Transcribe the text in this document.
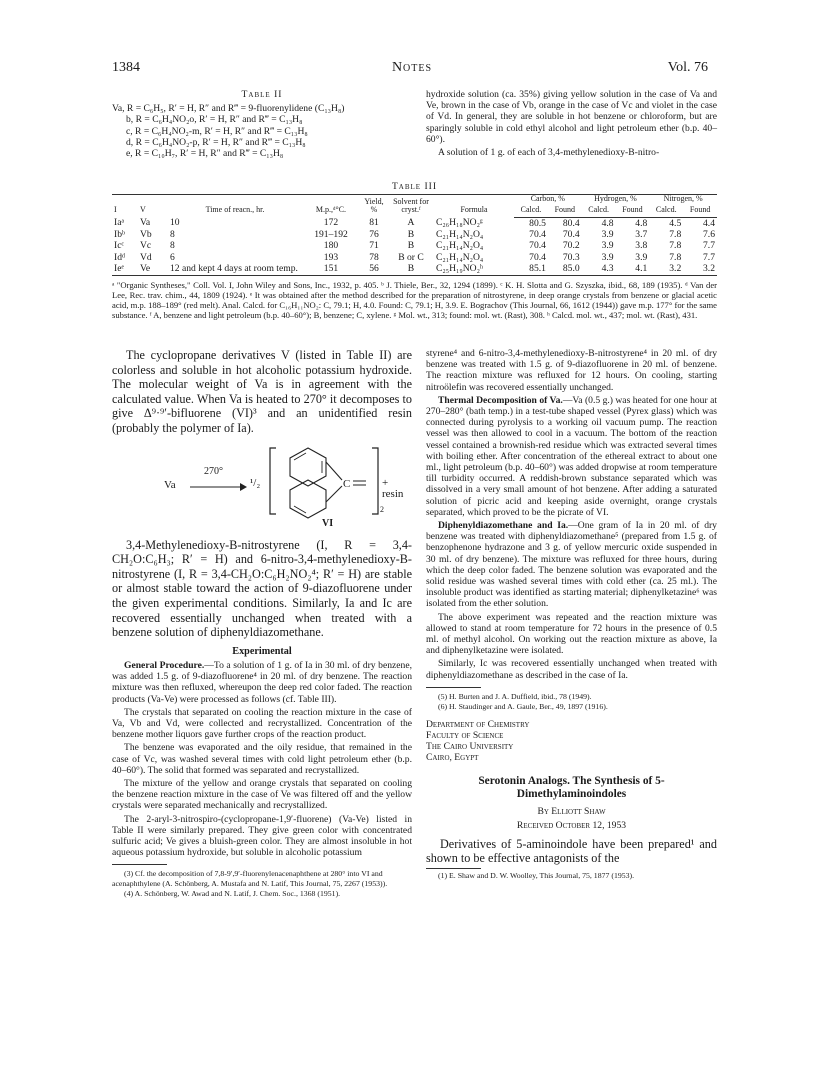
1384	Notes	Vol. 76
Table II
Va, R = C₆H₅, R′ = H, R″ and R‴ = 9-fluorenylidene (C₁₃H₈)
b, R = C₆H₄NO₂o, R′ = H, R″ and R‴ = C₁₃H₈
c, R = C₆H₄NO₂-m, R′ = H, R″ and R‴ = C₁₃H₈
d, R = C₆H₄NO₂-p, R′ = H, R″ and R‴ = C₁₃H₈
e, R = C₁₀H₇, R′ = H, R″ and R‴ = C₁₃H₈

hydroxide solution (ca. 35%) giving yellow solution in the case of Va and Ve, brown in the case of Vb, orange in the case of Vc and violet in the case of Vd. In general, they are soluble in hot benzene or chloroform, but are sparingly soluble in cold ethyl alcohol and light petroleum ether (b.p. 40–60°).

A solution of 1 g. of each of 3,4-methylenedioxy-B-nitro-

Table III
I	V	Time of reacn., hr.	M.p.,ᵈ°C.	Yield, %	Solvent for cryst.ᶠ	Formula	Carbon, %		Hydrogen, %		Nitrogen, %	
							Calcd.	Found	Calcd.	Found	Calcd.	Found
Iaᵃ	Va	10	172	81	A	C₂₆H₁₈NO₂ᵍ	80.5	80.4	4.8	4.8	4.5	4.4
Ibᵇ	Vb	8	191–192	76	B	C₂₁H₁₄N₂O₄	70.4	70.4	3.9	3.7	7.8	7.6
Icᶜ	Vc	8	180	71	B	C₂₁H₁₄N₂O₄	70.4	70.2	3.9	3.8	7.8	7.7
Idᵈ	Vd	6	193	78	B or C	C₂₁H₁₄N₂O₄	70.4	70.3	3.9	3.9	7.8	7.7
Ieᵉ	Ve	12 and kept 4 days at room temp.	151	56	B	C₂₅H₁₉NO₂ʰ	85.1	85.0	4.3	4.1	3.2	3.2
ᵃ "Organic Syntheses," Coll. Vol. I, John Wiley and Sons, Inc., 1932, p. 405. ᵇ J. Thiele, Ber., 32, 1294 (1899). ᶜ K. H. Slotta and G. Szyszka, ibid., 68, 189 (1935). ᵈ Van der Lee, Rec. trav. chim., 44, 1809 (1924). ᵉ It was obtained after the method described for the preparation of nitrostyrene, in deep orange crystals from benzene or glacial acetic acid, m.p. 188–189° (red melt). Anal. Calcd. for C₁₆H₁₁NO₂: C, 79.1; H, 4.0. Found: C, 79.1; H, 3.9. E. Bograchov (This Journal, 66, 1612 (1944)) gave m.p. 177° for the same substance. ᶠ A, benzene and light petroleum (b.p. 40–60°); B, benzene; C, xylene. ᵍ Mol. wt., 313; found: mol. wt. (Rast), 308. ʰ Calcd. mol. wt., 437; mol. wt. (Rast), 431.

The cyclopropane derivatives V (listed in Table II) are colorless and soluble in hot alcoholic potassium hydroxide. The molecular weight of Va is in agreement with the calculated value. When Va is heated to 270° it decomposes to give Δ⁹·⁹′-bifluorene (VI)³ and an unidentified resin (probably the polymer of Ia).

Va
270°
¹/₂	C
2
+ resin
VI

3,4-Methylenedioxy-B-nitrostyrene (I, R = 3,4-CH₂O:C₆H₃; R′ = H) and 6-nitro-3,4-methylenedioxy-B-nitrostyrene (I, R = 3,4-CH₂O:C₆H₂NO₂⁴; R′ = H) are stable or almost stable toward the action of 9-diazofluorene under the given experimental conditions. Similarly, Ia and Ic are recovered essentially unchanged when treated with a benzene solution of diphenyldiazomethane.

Experimental

General Procedure.—To a solution of 1 g. of Ia in 30 ml. of dry benzene, was added 1.5 g. of 9-diazofluorene⁴ in 20 ml. of dry benzene. The reaction mixture was then refluxed, whereupon the deep red color faded. The reaction products (Va-Ve) were processed as follows (cf. Table III).

The crystals that separated on cooling the reaction mixture in the case of Va, Vb and Vd, were collected and recrystallized. Concentration of the benzene mother liquors gave further crops of the reaction product.

The benzene was evaporated and the oily residue, that remained in the case of Vc, was washed several times with cold light petroleum ether (b.p. 40–60°). The solid that formed was separated and recrystallized.

The mixture of the yellow and orange crystals that separated on cooling the benzene reaction mixture in the case of Ve was filtered off and the yellow crystals were separated mechanically and recrystallized.

The 2-aryl-3-nitrospiro-(cyclopropane-1,9′-fluorene) (Va-Ve) listed in Table II were similarly prepared. They give green color with concentrated sulfuric acid; Ve gives a bluish-green color. They are almost insoluble in hot aqueous potassium hydroxide, but soluble in alcoholic potassium

(3) Cf. the decomposition of 7,8-9′,9′-fluorenylenacenaphthene at 280° into VI and acenaphthylene (A. Schönberg, A. Mustafa and N. Latif, This Journal, 75, 2267 (1953)).

(4) A. Schönberg, W. Awad and N. Latif, J. Chem. Soc., 1368 (1951).

styrene⁴ and 6-nitro-3,4-methylenedioxy-B-nitrostyrene⁴ in 20 ml. of dry benzene was treated with 1.5 g. of 9-diazofluorene in 20 ml. of benzene. The reaction mixture was refluxed for 12 hours. On cooling, starting nitroölefin was recovered essentially unchanged.

Thermal Decomposition of Va.—Va (0.5 g.) was heated for one hour at 270–280° (bath temp.) in a test-tube shaped vessel (Pyrex glass) which was connected during pyrolysis to a working oil vacuum pump. The reaction vessel was then allowed to cool in a vacuum. The bottom of the reaction vessel contained a brownish-red residue which was extracted several times with boiling ether. After concentration of the ethereal extract to about one ml., light petroleum (b.p. 40–60°) was added dropwise at room temperature till turbidity occurred. A reddish-brown substance separated which was dissolved in a very small amount of hot benzene. After adding a saturated solution of picric acid and keeping aside overnight, orange crystals separated, which proved to be the picrate of VI.

Diphenyldiazomethane and Ia.—One gram of Ia in 20 ml. of dry benzene was treated with diphenyldiazomethane⁵ (prepared from 1.5 g. of benzophenone hydrazone and 3 g. of yellow mercuric oxide suspended in 30 ml. of dry benzene). The mixture was refluxed for three hours, during which the deep color faded. The benzene solution was evaporated and the solid residue was washed several times with cold ether (ca. 25 ml.). The insoluble product was identified as starting material; diphenylketazine⁶ was isolated from the ether solution.

The above experiment was repeated and the reaction mixture was allowed to stand at room temperature for 72 hours in the presence of 0.5 ml. of methyl alcohol. On working out the reaction mixture as above, Ia and diphenylketazine were isolated.

Similarly, Ic was recovered essentially unchanged when treated with diphenyldiazomethane as described in the case of Ia.

(5) H. Burten and J. A. Duffield, ibid., 78 (1949).

(6) H. Staudinger and A. Gaule, Ber., 49, 1897 (1916).

Department of Chemistry

Faculty of Science

The Cairo University

Cairo, Egypt

Serotonin Analogs. The Synthesis of 5-Dimethylaminoindoles
By Elliott Shaw
Received October 12, 1953

Derivatives of 5-aminoindole have been prepared¹ and shown to be effective antagonists of the

(1) E. Shaw and D. W. Woolley, This Journal, 75, 1877 (1953).
